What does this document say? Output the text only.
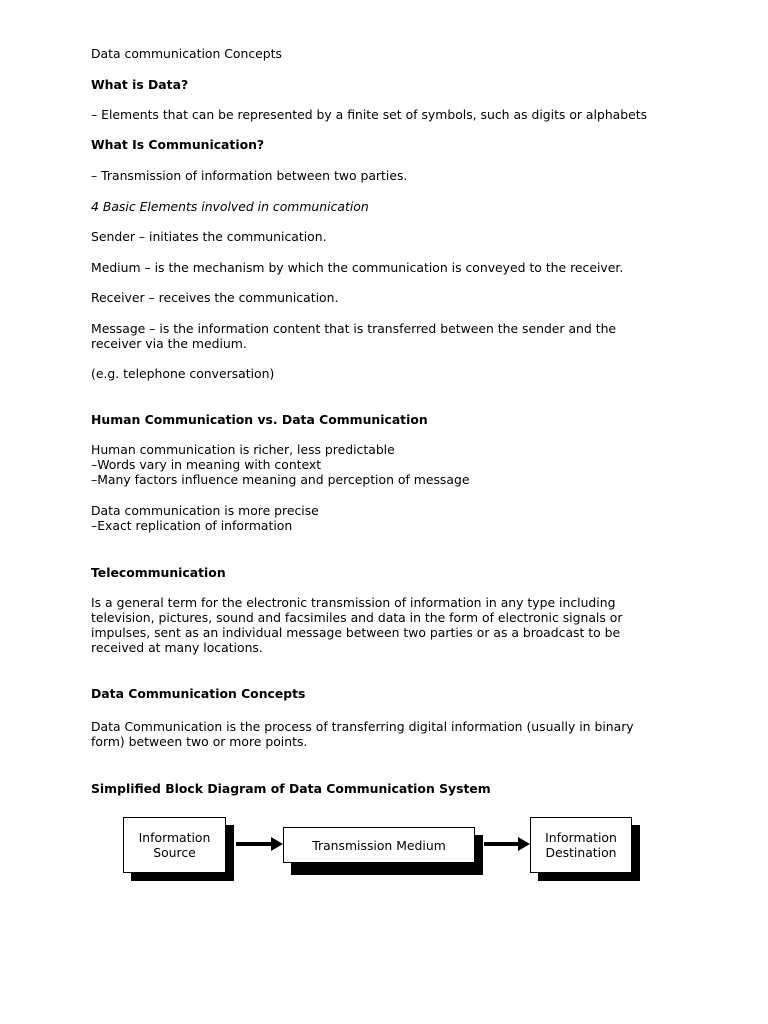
Data communication Concepts

What is Data?

– Elements that can be represented by a finite set of symbols, such as digits or alphabets

What Is Communication?

– Transmission of information between two parties.

4 Basic Elements involved in communication

Sender – initiates the communication.

Medium – is the mechanism by which the communication is conveyed to the receiver.

Receiver – receives the communication.

Message – is the information content that is transferred between the sender and the receiver via the medium.

(e.g. telephone conversation)

Human Communication vs. Data Communication

Human communication is richer, less predictable

–Words vary in meaning with context

–Many factors influence meaning and perception of message

Data communication is more precise

–Exact replication of information

Telecommunication

Is a general term for the electronic transmission of information in any type including television, pictures, sound and facsimiles and data in the form of electronic signals or impulses, sent as an individual message between two parties or as a broadcast to be received at many locations.

Data Communication Concepts

Data Communication is the process of transferring digital information (usually in binary form) between two or more points.

Simplified Block Diagram of Data Communication System

Information
Source	Transmission Medium	Information
Destination
